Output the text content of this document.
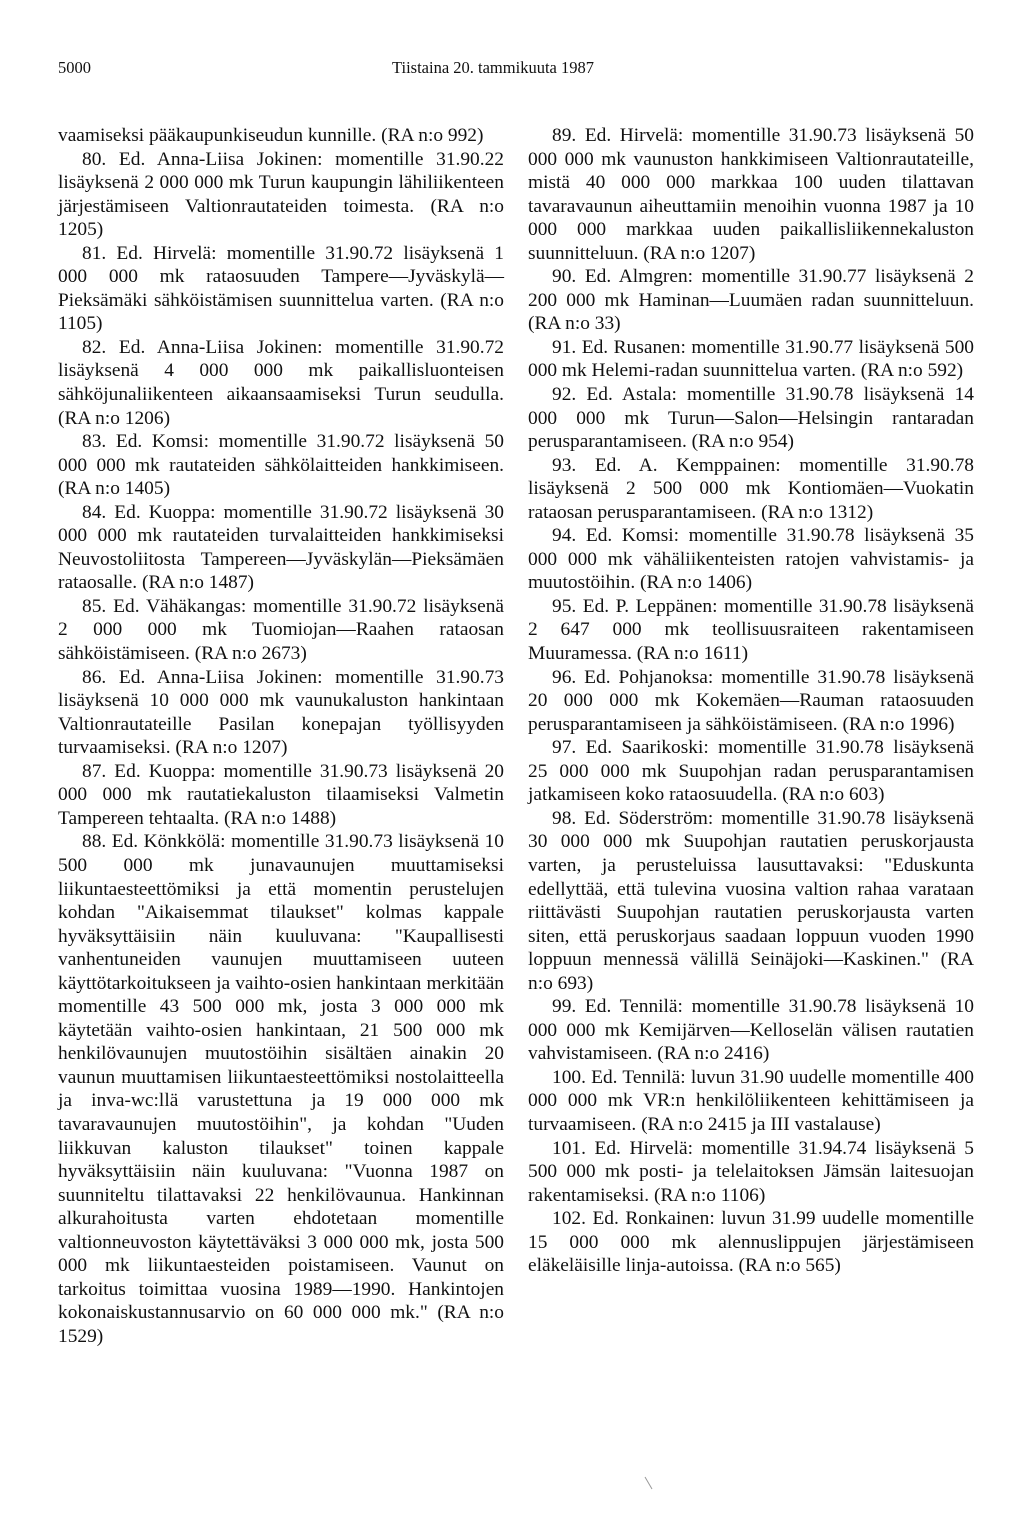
5000	Tiistaina 20. tammikuuta 1987

vaamiseksi pääkaupunkiseudun kunnille. (RA n:o 992)

80. Ed. Anna-Liisa Jokinen: momentille 31.90.22 lisäyksenä 2 000 000 mk Turun kaupungin lähiliikenteen järjestämiseen Valtionrautateiden toimesta. (RA n:o 1205)

81. Ed. Hirvelä: momentille 31.90.72 lisäyksenä 1 000 000 mk rataosuuden Tampere—Jyväskylä—Pieksämäki sähköistämisen suunnittelua varten. (RA n:o 1105)

82. Ed. Anna-Liisa Jokinen: momentille 31.90.72 lisäyksenä 4 000 000 mk paikallisluonteisen sähköjunaliikenteen aikaansaamiseksi Turun seudulla. (RA n:o 1206)

83. Ed. Komsi: momentille 31.90.72 lisäyksenä 50 000 000 mk rautateiden sähkölaitteiden hankkimiseen. (RA n:o 1405)

84. Ed. Kuoppa: momentille 31.90.72 lisäyksenä 30 000 000 mk rautateiden turvalaitteiden hankkimiseksi Neuvostoliitosta Tampereen—Jyväskylän—Pieksämäen rataosalle. (RA n:o 1487)

85. Ed. Vähäkangas: momentille 31.90.72 lisäyksenä 2 000 000 mk Tuomiojan—Raahen rataosan sähköistämiseen. (RA n:o 2673)

86. Ed. Anna-Liisa Jokinen: momentille 31.90.73 lisäyksenä 10 000 000 mk vaunukaluston hankintaan Valtionrautateille Pasilan konepajan työllisyyden turvaamiseksi. (RA n:o 1207)

87. Ed. Kuoppa: momentille 31.90.73 lisäyksenä 20 000 000 mk rautatiekaluston tilaamiseksi Valmetin Tampereen tehtaalta. (RA n:o 1488)

88. Ed. Könkkölä: momentille 31.90.73 lisäyksenä 10 500 000 mk junavaunujen muuttamiseksi liikuntaesteettömiksi ja että momentin perustelujen kohdan "Aikaisemmat tilaukset" kolmas kappale hyväksyttäisiin näin kuuluvana: "Kaupallisesti vanhentuneiden vaunujen muuttamiseen uuteen käyttötarkoitukseen ja vaihto-osien hankintaan merkitään momentille 43 500 000 mk, josta 3 000 000 mk käytetään vaihto-osien hankintaan, 21 500 000 mk henkilövaunujen muutostöihin sisältäen ainakin 20 vaunun muuttamisen liikuntaesteettömiksi nostolaitteella ja inva-wc:llä varustettuna ja 19 000 000 mk tavaravaunujen muutostöihin", ja kohdan "Uuden liikkuvan kaluston tilaukset" toinen kappale hyväksyttäisiin näin kuuluvana: "Vuonna 1987 on suunniteltu tilattavaksi 22 henkilövaunua. Hankinnan alkurahoitusta varten ehdotetaan momentille valtionneuvoston käytettäväksi 3 000 000 mk, josta 500 000 mk liikuntaesteiden poistamiseen. Vaunut on tarkoitus toimittaa vuosina 1989—1990. Hankintojen kokonaiskustannusarvio on 60 000 000 mk." (RA n:o 1529)

89. Ed. Hirvelä: momentille 31.90.73 lisäyksenä 50 000 000 mk vaunuston hankkimiseen Valtionrautateille, mistä 40 000 000 markkaa 100 uuden tilattavan tavaravaunun aiheuttamiin menoihin vuonna 1987 ja 10 000 000 markkaa uuden paikallisliikennekaluston suunnitteluun. (RA n:o 1207)

90. Ed. Almgren: momentille 31.90.77 lisäyksenä 2 200 000 mk Haminan—Luumäen radan suunnitteluun. (RA n:o 33)

91. Ed. Rusanen: momentille 31.90.77 lisäyksenä 500 000 mk Helemi-radan suunnittelua varten. (RA n:o 592)

92. Ed. Astala: momentille 31.90.78 lisäyksenä 14 000 000 mk Turun—Salon—Helsingin rantaradan perusparantamiseen. (RA n:o 954)

93. Ed. A. Kemppainen: momentille 31.90.78 lisäyksenä 2 500 000 mk Kontiomäen—Vuokatin rataosan perusparantamiseen. (RA n:o 1312)

94. Ed. Komsi: momentille 31.90.78 lisäyksenä 35 000 000 mk vähäliikenteisten ratojen vahvistamis- ja muutostöihin. (RA n:o 1406)

95. Ed. P. Leppänen: momentille 31.90.78 lisäyksenä 2 647 000 mk teollisuusraiteen rakentamiseen Muuramessa. (RA n:o 1611)

96. Ed. Pohjanoksa: momentille 31.90.78 lisäyksenä 20 000 000 mk Kokemäen—Rauman rataosuuden perusparantamiseen ja sähköistämiseen. (RA n:o 1996)

97. Ed. Saarikoski: momentille 31.90.78 lisäyksenä 25 000 000 mk Suupohjan radan perusparantamisen jatkamiseen koko rataosuudella. (RA n:o 603)

98. Ed. Söderström: momentille 31.90.78 lisäyksenä 30 000 000 mk Suupohjan rautatien peruskorjausta varten, ja perusteluissa lausuttavaksi: "Eduskunta edellyttää, että tulevina vuosina valtion rahaa varataan riittävästi Suupohjan rautatien peruskorjausta varten siten, että peruskorjaus saadaan loppuun vuoden 1990 loppuun mennessä välillä Seinäjoki—Kaskinen." (RA n:o 693)

99. Ed. Tennilä: momentille 31.90.78 lisäyksenä 10 000 000 mk Kemijärven—Kelloselän välisen rautatien vahvistamiseen. (RA n:o 2416)

100. Ed. Tennilä: luvun 31.90 uudelle momentille 400 000 000 mk VR:n henkilöliikenteen kehittämiseen ja turvaamiseen. (RA n:o 2415 ja III vastalause)

101. Ed. Hirvelä: momentille 31.94.74 lisäyksenä 5 500 000 mk posti- ja telelaitoksen Jämsän laitesuojan rakentamiseksi. (RA n:o 1106)

102. Ed. Ronkainen: luvun 31.99 uudelle momentille 15 000 000 mk alennuslippujen järjestämiseen eläkeläisille linja-autoissa. (RA n:o 565)
